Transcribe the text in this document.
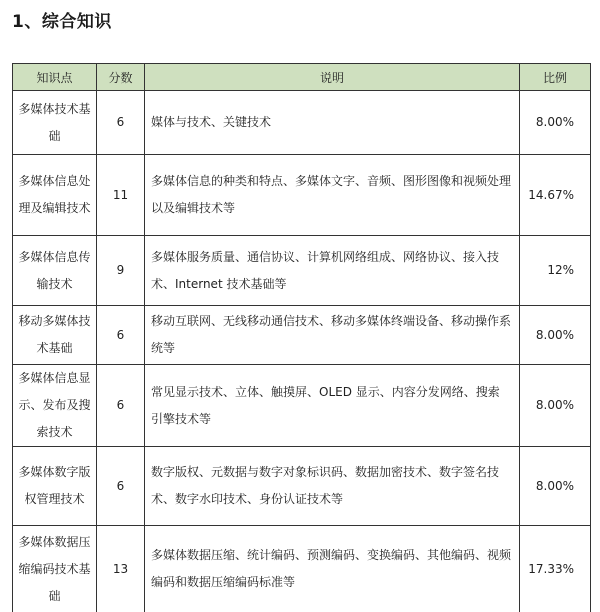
1、综合知识
知识点	分数	说明	比例
多媒体技术基础	6	媒体与技术、关键技术	8.00%
多媒体信息处理及编辑技术	11	多媒体信息的种类和特点、多媒体文字、音频、图形图像和视频处理以及编辑技术等	14.67%
多媒体信息传输技术	9	多媒体服务质量、通信协议、计算机网络组成、网络协议、接入技术、Internet 技术基础等	12%
移动多媒体技术基础	6	移动互联网、无线移动通信技术、移动多媒体终端设备、移动操作系统等	8.00%
多媒体信息显示、发布及搜索技术	6	常见显示技术、立体、触摸屏、OLED 显示、内容分发网络、搜索引擎技术等	8.00%
多媒体数字版权管理技术	6	数字版权、元数据与数字对象标识码、数据加密技术、数字签名技术、数字水印技术、身份认证技术等	8.00%
多媒体数据压缩编码技术基础	13	多媒体数据压缩、统计编码、预测编码、变换编码、其他编码、视频编码和数据压缩编码标准等	17.33%
